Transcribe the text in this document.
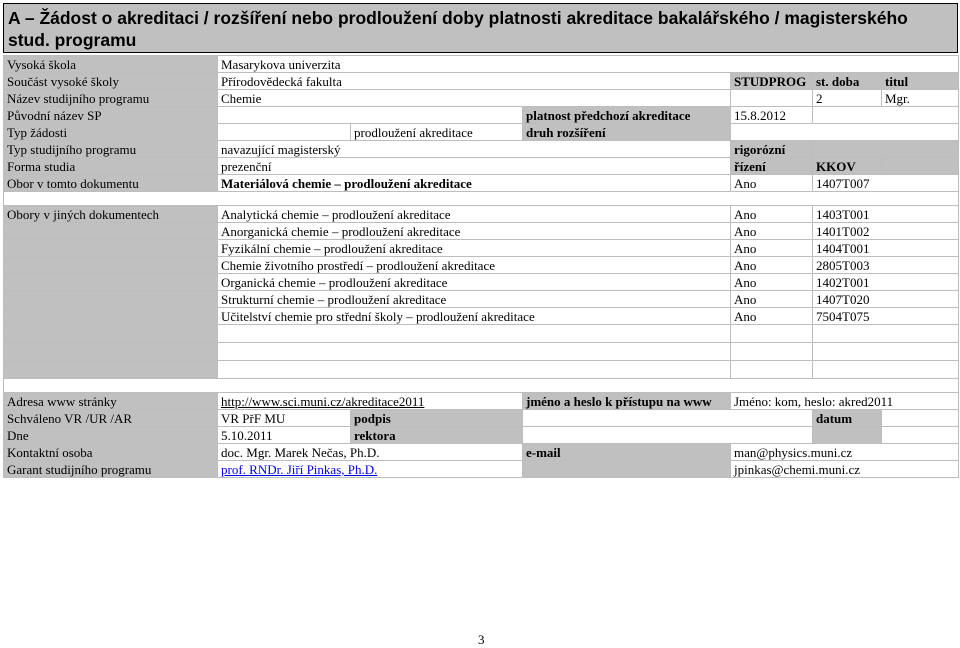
A – Žádost o akreditaci / rozšíření nebo prodloužení doby platnosti akreditace bakalářského / magisterského stud. programu
Vysoká škola	Masarykova univerzita					
Součást vysoké školy	Přírodovědecká fakulta			STUDPROG	st. doba	titul
Název studijního programu	Chemie				2	Mgr.
Původní název SP			platnost předchozí akreditace	15.8.2012		
Typ žádosti		prodloužení akreditace	druh rozšíření			
Typ studijního programu	navazující magisterský			rigorózní		
Forma studia	prezenční			řízení	KKOV	
Obor v tomto dokumentu	Materiálová chemie – prodloužení akreditace			Ano	1407T007	

Obory v jiných dokumentech	Analytická chemie – prodloužení akreditace			Ano	1403T001	
	Anorganická chemie – prodloužení akreditace			Ano	1401T002	
	Fyzikální chemie – prodloužení akreditace			Ano	1404T001	
	Chemie životního prostředí – prodloužení akreditace			Ano	2805T003	
	Organická chemie – prodloužení akreditace			Ano	1402T001	
	Strukturní chemie – prodloužení akreditace			Ano	1407T020	
	Učitelství chemie pro střední školy – prodloužení akreditace			Ano	7504T075	

Adresa www stránky	http://www.sci.muni.cz/akreditace2011		jméno a heslo k přístupu na www	Jméno: kom, heslo: akred2011		
Schváleno VR /UR /AR	VR PřF MU	podpis			datum	
Dne	5.10.2011	rektora				
Kontaktní osoba	doc. Mgr. Marek Nečas, Ph.D.		e-mail	man@physics.muni.cz		
Garant studijního programu	prof. RNDr. Jiří Pinkas, Ph.D.			jpinkas@chemi.muni.cz		
3
